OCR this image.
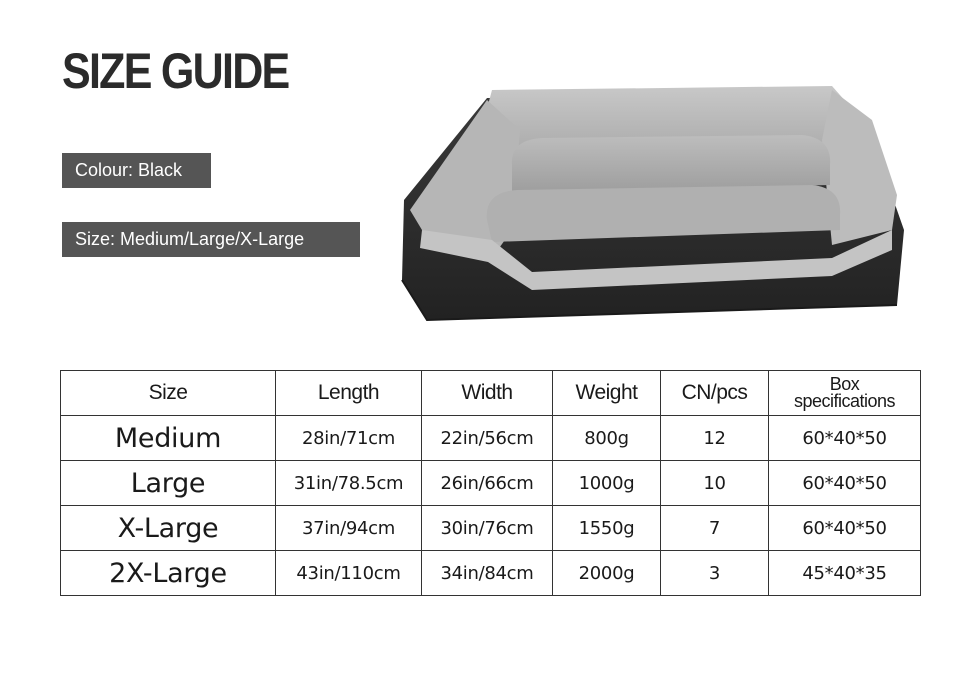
SIZE GUIDE
Colour: Black
Size: Medium/Large/X-Large
Size	Length	Width	Weight	CN/pcs	Box
specifications
Medium	28in/71cm	22in/56cm	800g	12	60*40*50
Large	31in/78.5cm	26in/66cm	1000g	10	60*40*50
X-Large	37in/94cm	30in/76cm	1550g	7	60*40*50
2X-Large	43in/110cm	34in/84cm	2000g	3	45*40*35
